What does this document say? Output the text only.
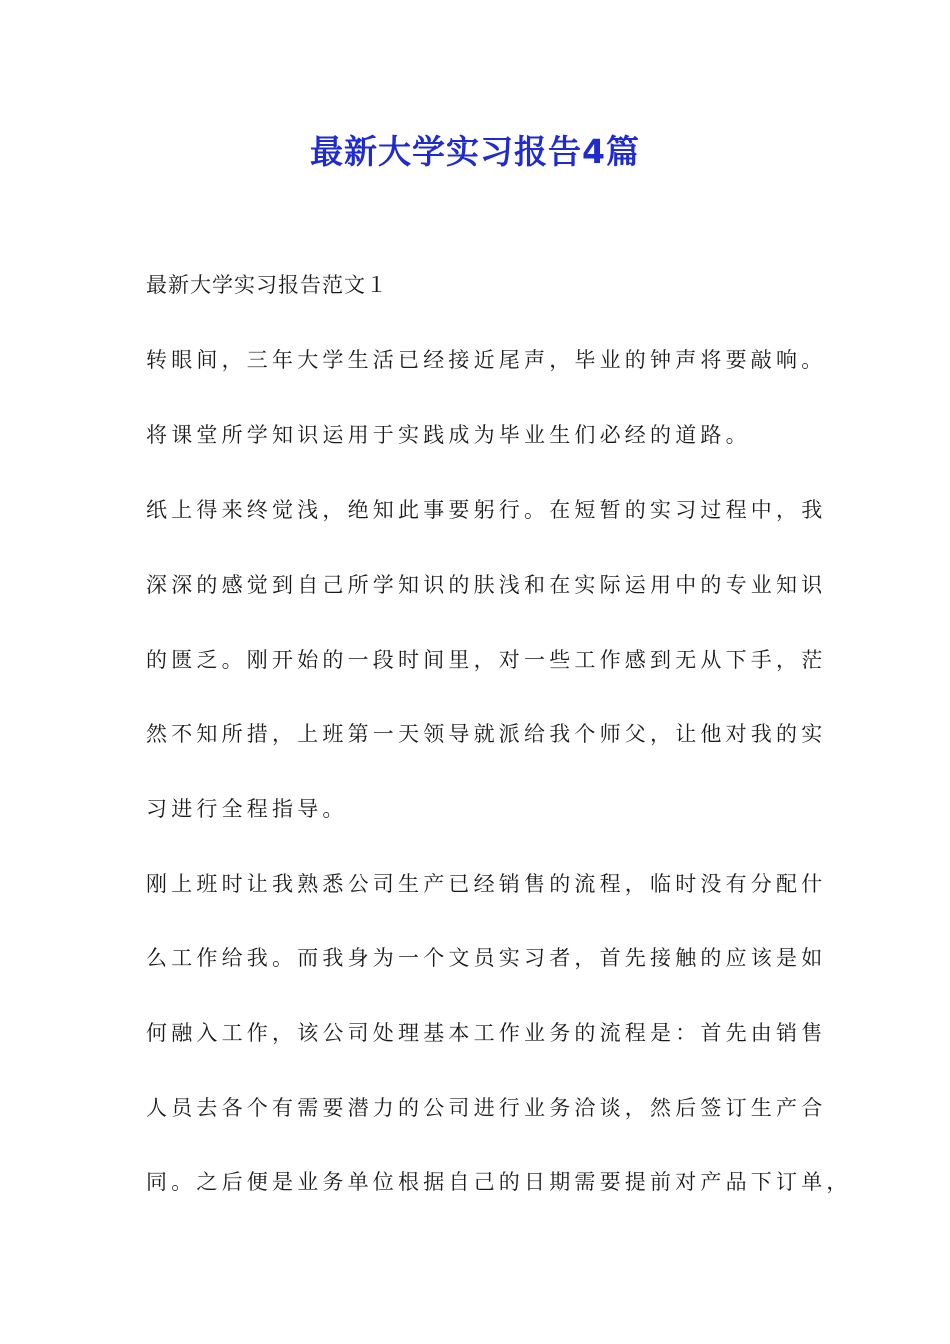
最新大学实习报告4篇

最新大学实习报告范文１

转眼间，三年大学生活已经接近尾声，毕业的钟声将要敲响。

将课堂所学知识运用于实践成为毕业生们必经的道路。

纸上得来终觉浅，绝知此事要躬行。在短暂的实习过程中，我

深深的感觉到自己所学知识的肤浅和在实际运用中的专业知识

的匮乏。刚开始的一段时间里，对一些工作感到无从下手，茫

然不知所措，上班第一天领导就派给我个师父，让他对我的实

习进行全程指导。

刚上班时让我熟悉公司生产已经销售的流程，临时没有分配什

么工作给我。而我身为一个文员实习者，首先接触的应该是如

何融入工作，该公司处理基本工作业务的流程是：首先由销售

人员去各个有需要潜力的公司进行业务洽谈，然后签订生产合

同。之后便是业务单位根据自己的日期需要提前对产品下订单，
